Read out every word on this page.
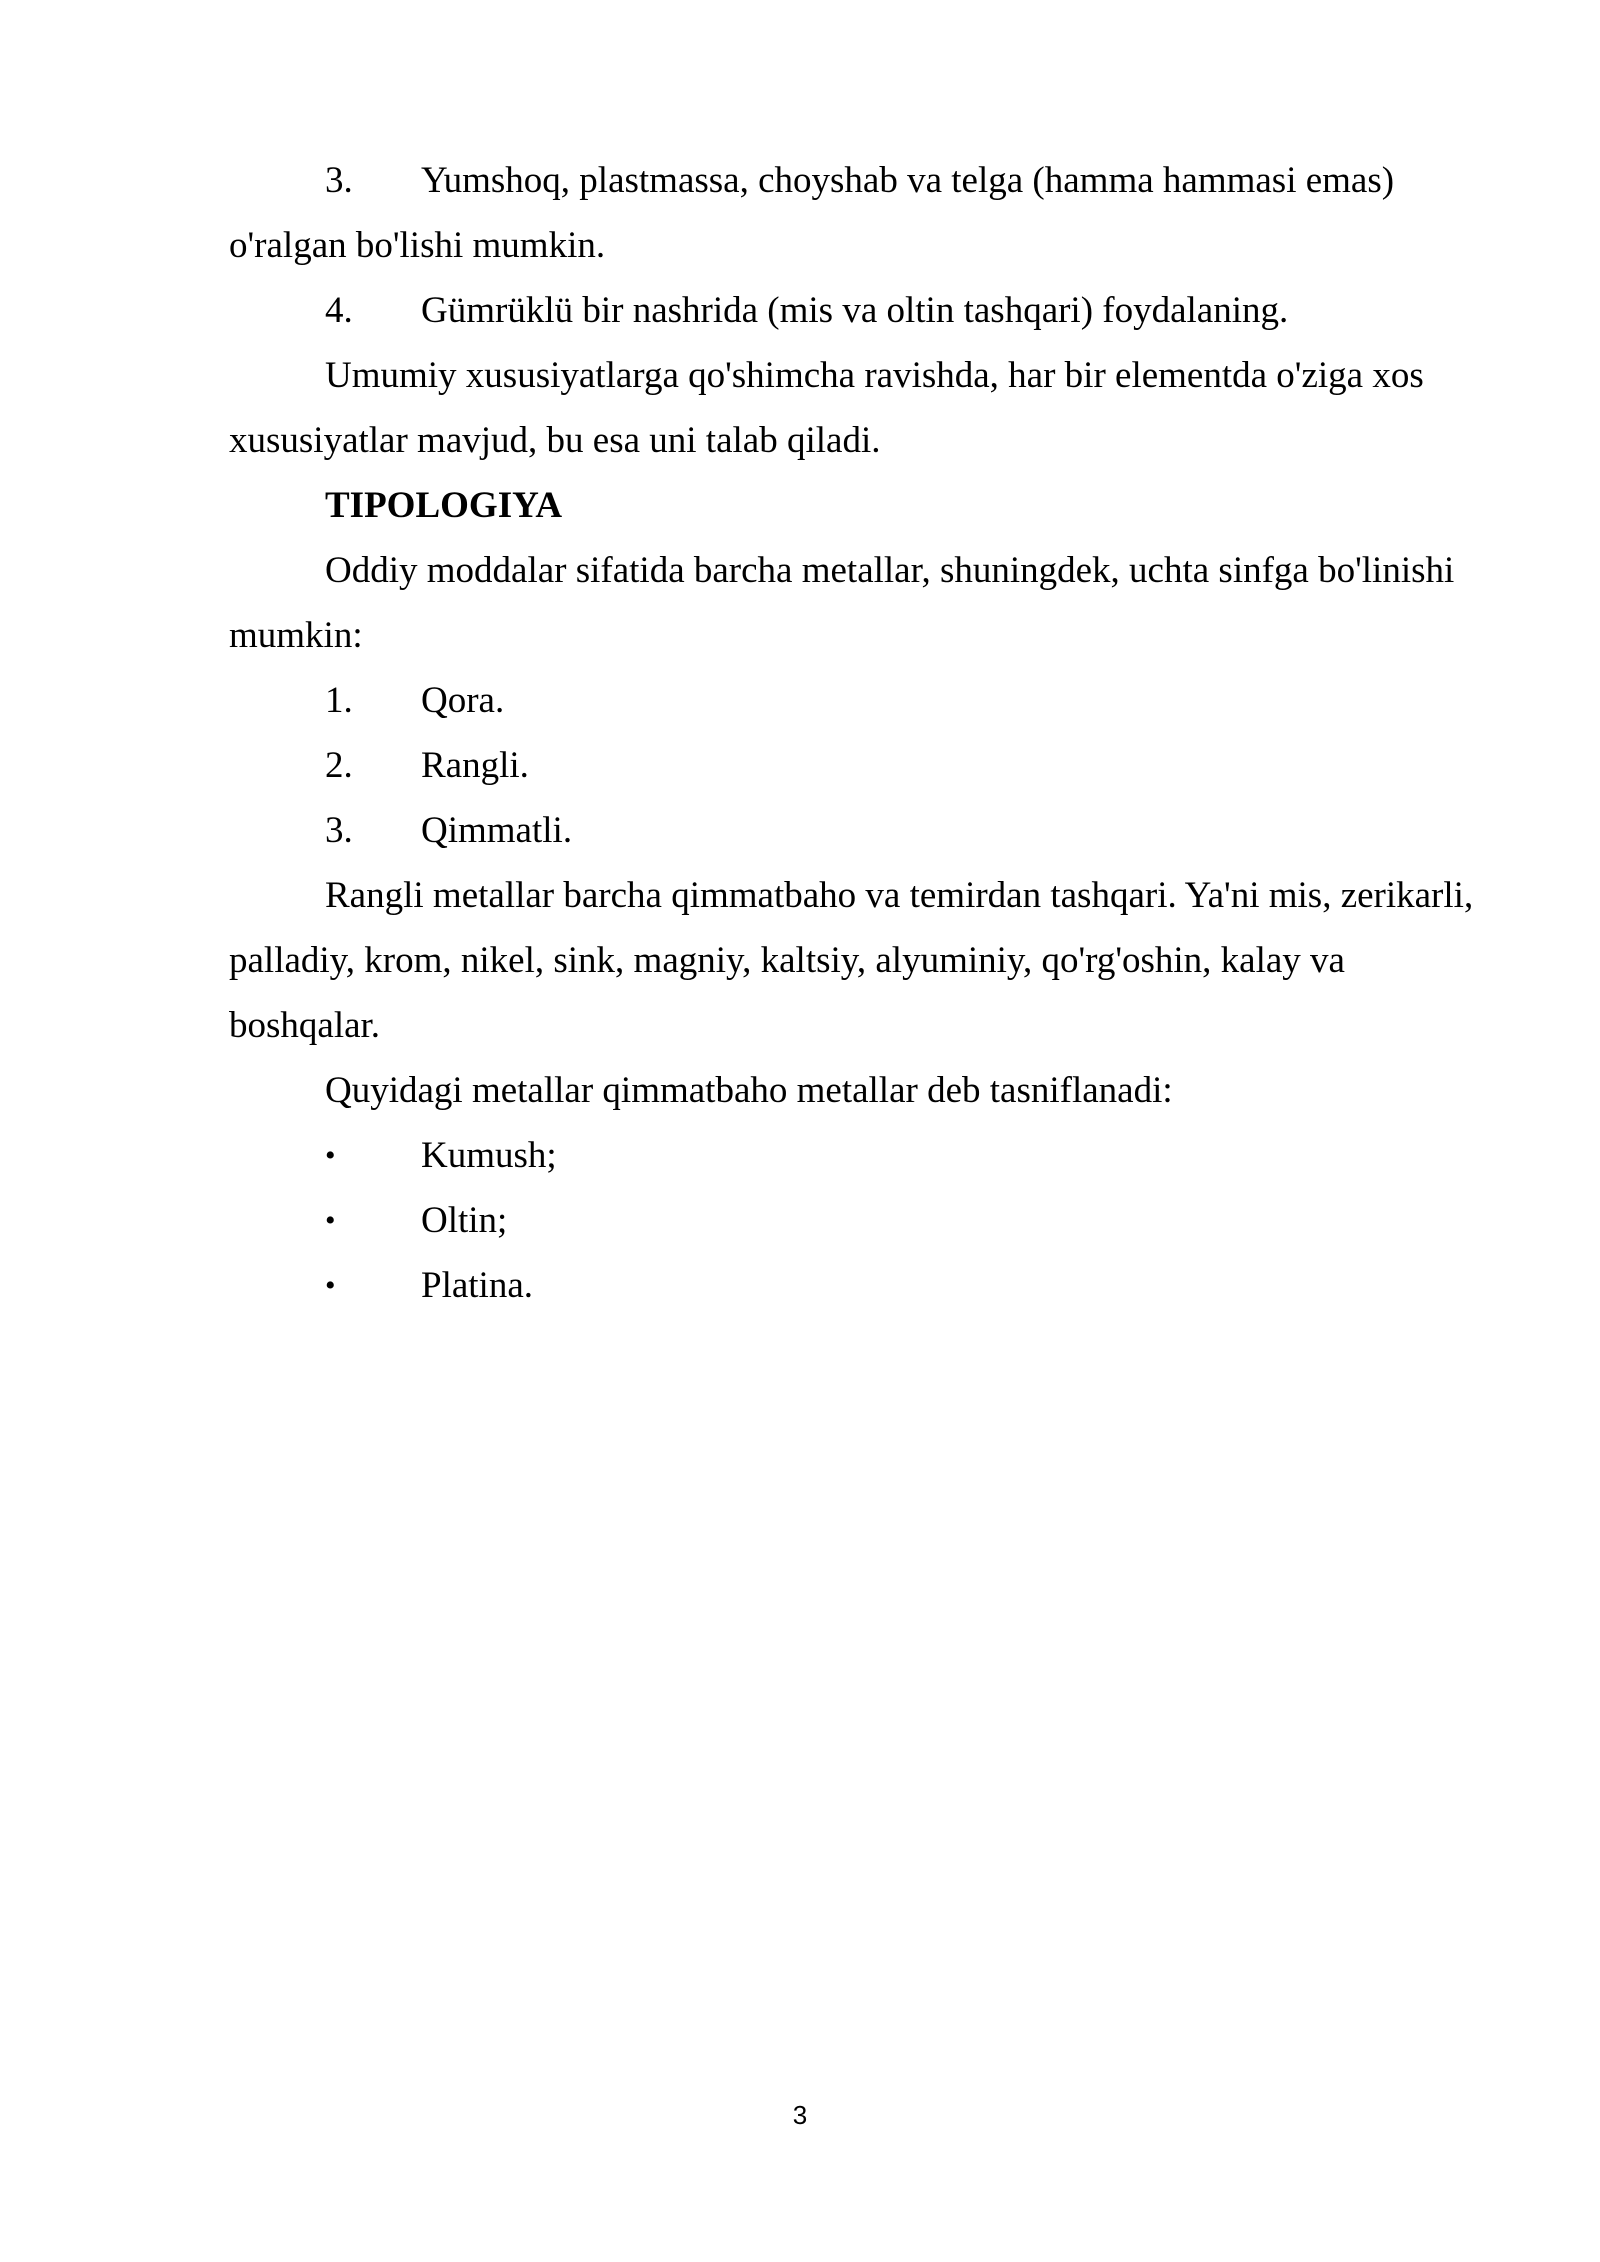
3. Yumshoq, plastmassa, choyshab va telga (hamma hammasi emas) o'ralgan bo'lishi mumkin.
4.	Gümrüklü bir nashrida (mis va oltin tashqari) foydalaning.

Umumiy xususiyatlarga qo'shimcha ravishda, har bir elementda o'ziga xos xususiyatlar mavjud, bu esa uni talab qiladi.

TIPOLOGIYA

Oddiy moddalar sifatida barcha metallar, shuningdek, uchta sinfga bo'linishi mumkin:

1.	Qora.
2.	Rangli.
3.	Qimmatli.

Rangli metallar barcha qimmatbaho va temirdan tashqari. Ya'ni mis, zerikarli, palladiy, krom, nikel, sink, magniy, kaltsiy, alyuminiy, qo'rg'oshin, kalay va boshqalar.

Quyidagi metallar qimmatbaho metallar deb tasniflanadi:

•	Kumush;
•	Oltin;
•	Platina.
3
